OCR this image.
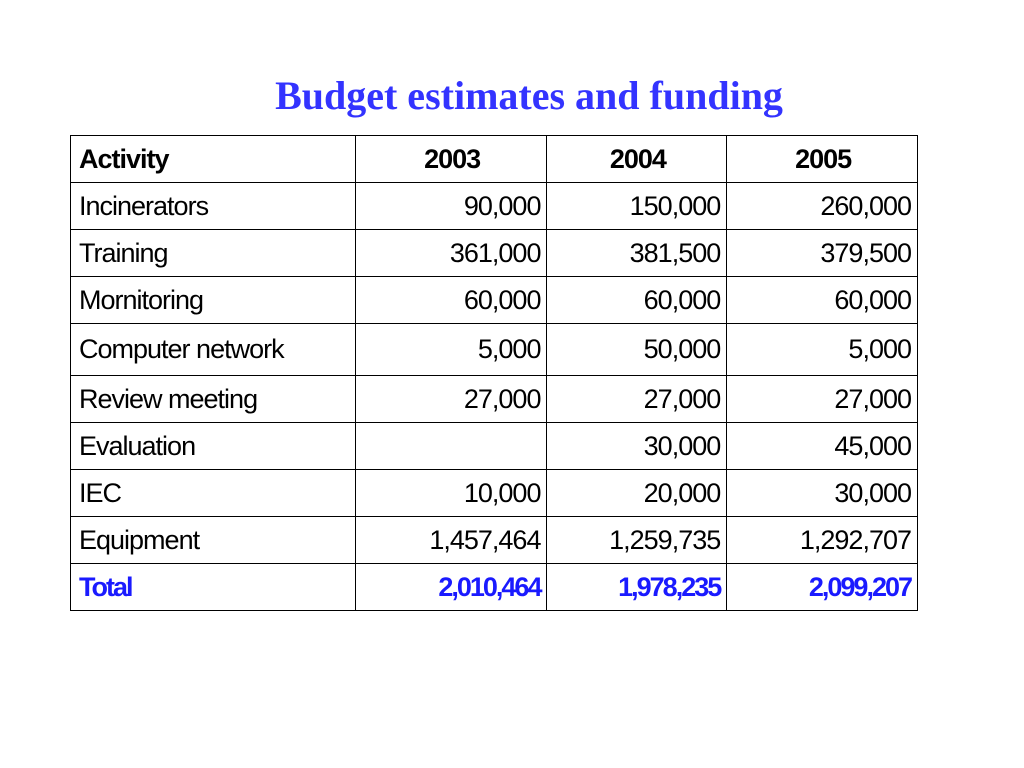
Budget estimates and funding
Activity	2003	2004	2005
Incinerators	90,000	150,000	260,000
Training	361,000	381,500	379,500
Mornitoring	60,000	60,000	60,000
Computer network	5,000	50,000	5,000
Review meeting	27,000	27,000	27,000
Evaluation		30,000	45,000
IEC	10,000	20,000	30,000
Equipment	1,457,464	1,259,735	1,292,707
Total	2,010,464	1,978,235	2,099,207
